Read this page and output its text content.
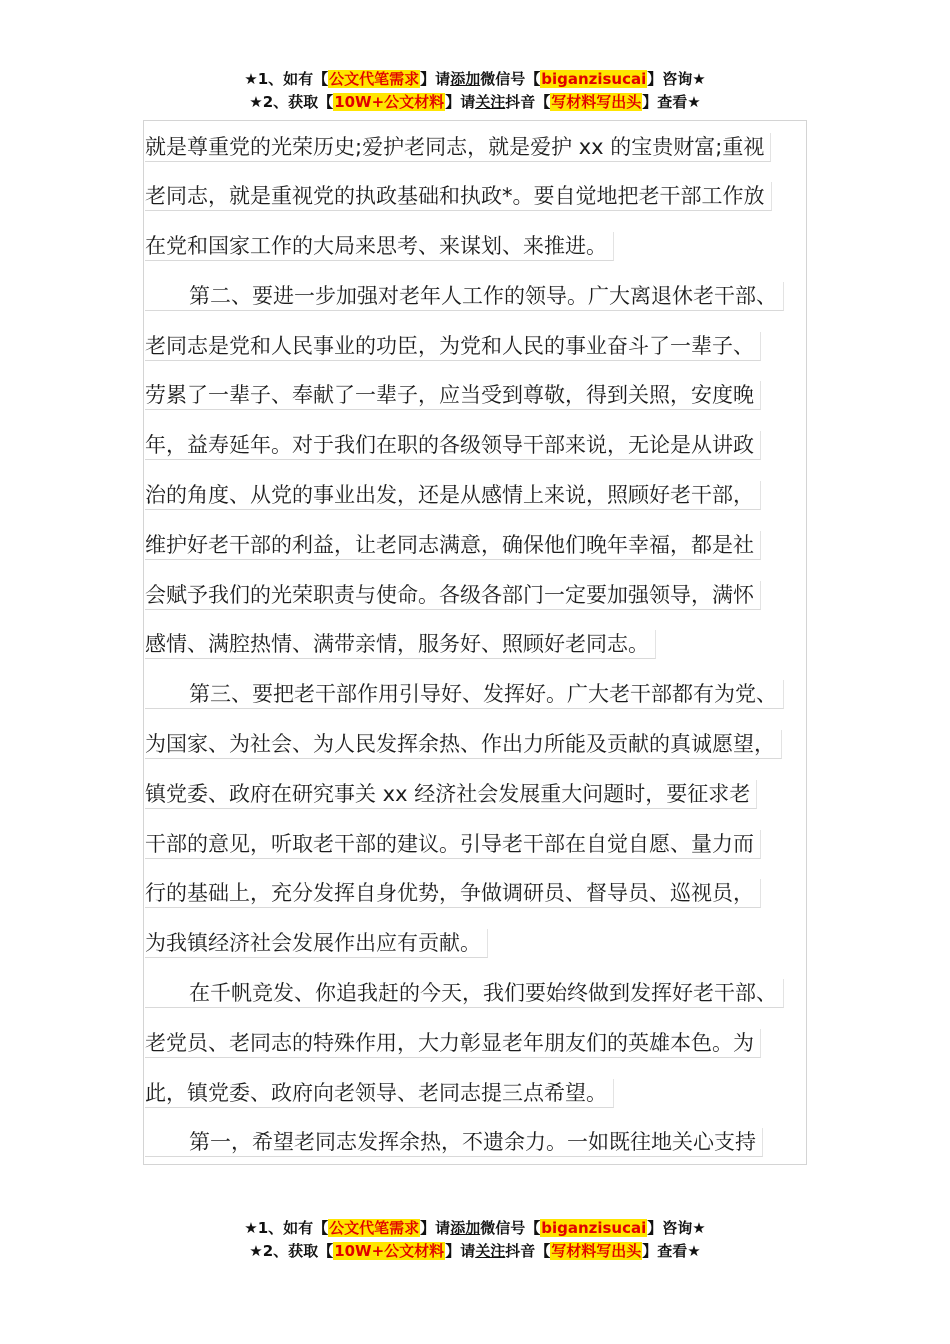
★1、如有【公文代笔需求】请添加微信号【biganzisucai】咨询★
★2、获取【10W+公文材料】请关注抖音【写材料写出头】查看★
就是尊重党的光荣历史;爱护老同志，就是爱护 xx 的宝贵财富;重视
老同志，就是重视党的执政基础和执政*。要自觉地把老干部工作放
在党和国家工作的大局来思考、来谋划、来推进。
第二、要进一步加强对老年人工作的领导。广大离退休老干部、
老同志是党和人民事业的功臣，为党和人民的事业奋斗了一辈子、
劳累了一辈子、奉献了一辈子，应当受到尊敬，得到关照，安度晚
年，益寿延年。对于我们在职的各级领导干部来说，无论是从讲政
治的角度、从党的事业出发，还是从感情上来说，照顾好老干部，
维护好老干部的利益，让老同志满意，确保他们晚年幸福，都是社
会赋予我们的光荣职责与使命。各级各部门一定要加强领导，满怀
感情、满腔热情、满带亲情，服务好、照顾好老同志。
第三、要把老干部作用引导好、发挥好。广大老干部都有为党、
为国家、为社会、为人民发挥余热、作出力所能及贡献的真诚愿望，
镇党委、政府在研究事关 xx 经济社会发展重大问题时，要征求老
干部的意见，听取老干部的建议。引导老干部在自觉自愿、量力而
行的基础上，充分发挥自身优势，争做调研员、督导员、巡视员，
为我镇经济社会发展作出应有贡献。
在千帆竞发、你追我赶的今天，我们要始终做到发挥好老干部、
老党员、老同志的特殊作用，大力彰显老年朋友们的英雄本色。为
此，镇党委、政府向老领导、老同志提三点希望。
第一，希望老同志发挥余热，不遗余力。一如既往地关心支持
★1、如有【公文代笔需求】请添加微信号【biganzisucai】咨询★
★2、获取【10W+公文材料】请关注抖音【写材料写出头】查看★
